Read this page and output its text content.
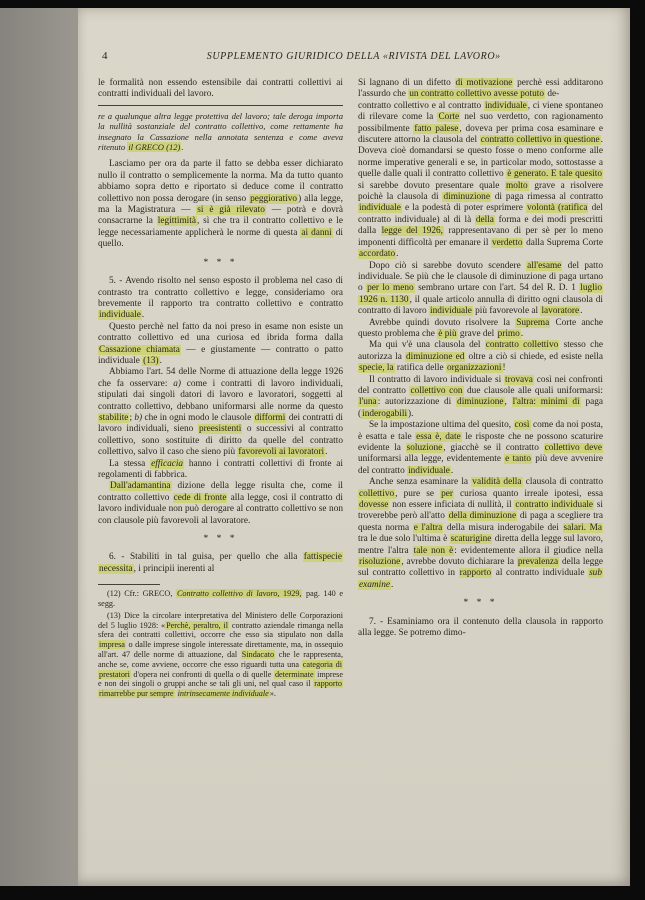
4	SUPPLEMENTO GIURIDICO DELLA «RIVISTA DEL LAVORO»

le formalità non essendo estensibile dai contratti collettivi ai contratti individuali del lavoro.

re a qualunque altra legge protettiva del lavoro; tale deroga importa la nullità sostanziale del contratto collettivo, come rettamente ha insegnato la Cassazione nella annotata sentenza e come aveva ritenuto il GRECO (12).

Lasciamo per ora da parte il fatto se debba esser dichiarato nullo il contratto o semplicemente la norma. Ma da tutto quanto abbiamo sopra detto e riportato si deduce come il contratto collettivo non possa derogare (in senso peggiorativo) alla legge, ma la Magistratura — si è già rilevato — potrà e dovrà consacrarne la legittimità, sì che tra il contratto collettivo e le legge necessariamente applicherà le norme di questa ai danni di quello.

* * *

5. - Avendo risolto nel senso esposto il problema nel caso di contrasto tra contratto collettivo e legge, consideriamo ora brevemente il rapporto tra contratto collettivo e contratto individuale.

Questo perchè nel fatto da noi preso in esame non esiste un contratto collettivo ed una curiosa ed ibrida forma dalla Cassazione chiamata — e giustamente — contratto o patto individuale (13).

Abbiamo l'art. 54 delle Norme di attuazione della legge 1926 che fa osservare: a) come i contratti di lavoro individuali, stipulati dai singoli datori di lavoro e lavoratori, soggetti al contratto collettivo, debbano uniformarsi alle norme da questo stabilite; b) che in ogni modo le clausole difformi dei contratti di lavoro individuali, sieno preesistenti o successivi al contratto collettivo, sono sostituite di diritto da quelle del contratto collettivo, salvo il caso che sieno più favorevoli ai lavoratori.

La stessa efficacia hanno i contratti collettivi di fronte ai regolamenti di fabbrica.

Dall'adamantina dizione della legge risulta che, come il contratto collettivo cede di fronte alla legge, così il contratto di lavoro individuale non può derogare al contratto collettivo se non con clausole più favorevoli al lavoratore.

* * *

6. - Stabiliti in tal guisa, per quello che alla fattispecie necessita, i principii inerenti al

(12) Cfr.: GRECO, Contratto collettivo di lavoro, 1929, pag. 140 e segg.

(13) Dice la circolare interpretativa del Ministero delle Corporazioni del 5 luglio 1928: «Perchè, peraltro, il contratto aziendale rimanga nella sfera dei contratti collettivi, occorre che esso sia stipulato non dalla impresa o dalle imprese singole interessate direttamente, ma, in ossequio all'art. 47 delle norme di attuazione, dal Sindacato che le rappresenta, anche se, come avviene, occorre che esso riguardi tutta una categoria di prestatori d'opera nei confronti di quella o di quelle determinate imprese e non dei singoli o gruppi anche se tali gli uni, nel qual caso il rapporto rimarrebbe pur sempre intrinsecamente individuale».

Si lagnano di un difetto di motivazione perchè essi additarono l'assurdo che un contratto collettivo avesse potuto de-

contratto collettivo e al contratto individuale, ci viene spontaneo di rilevare come la Corte nel suo verdetto, con ragionamento possibilmente fatto palese, doveva per prima cosa esaminare e discutere attorno la clausola del contratto collettivo in questione. Doveva cioè domandarsi se questo fosse o meno conforme alle norme imperative generali e se, in particolar modo, sottostasse a quelle dalle quali il contratto collettivo è generato. E tale quesito si sarebbe dovuto presentare quale molto grave a risolvere poichè la clausola di diminuzione di paga rimessa al contratto individuale e la podestà di poter esprimere volontà (ratifica del contratto individuale) al di là della forma e dei modi prescritti dalla legge del 1926, rappresentavano di per sè per lo meno imponenti difficoltà per emanare il verdetto dalla Suprema Corte accordato.

Dopo ciò si sarebbe dovuto scendere all'esame del patto individuale. Se più che le clausole di diminuzione di paga urtano o per lo meno sembrano urtare con l'art. 54 del R. D. 1 luglio 1926 n. 1130, il quale articolo annulla di diritto ogni clausola di contratto di lavoro individuale più favorevole al lavoratore.

Avrebbe quindi dovuto risolvere la Suprema Corte anche questo problema che è più grave del primo.

Ma qui v'è una clausola del contratto collettivo stesso che autorizza la diminuzione ed oltre a ciò si chiede, ed esiste nella specie, la ratifica delle organizzazioni!

Il contratto di lavoro individuale si trovava così nei confronti del contratto collettivo con due clausole alle quali uniformarsi: l'una: autorizzazione di diminuzione, l'altra: minimi di paga (inderogabili).

Se la impostazione ultima del quesito, così come da noi posta, è esatta e tale essa è, date le risposte che ne possono scaturire evidente la soluzione, giacchè se il contratto collettivo deve uniformarsi alla legge, evidentemente e tanto più deve avvenire del contratto individuale.

Anche senza esaminare la validità della clausola di contratto collettivo, pure se per curiosa quanto irreale ipotesi, essa dovesse non essere inficiata di nullità, il contratto individuale si troverebbe però all'atto della diminuzione di paga a scegliere tra questa norma e l'altra della misura inderogabile dei salari. Ma tra le due solo l'ultima è scaturigine diretta della legge sul lavoro, mentre l'altra tale non è: evidentemente allora il giudice nella risoluzione, avrebbe dovuto dichiarare la prevalenza della legge sul contratto collettivo in rapporto al contratto individuale sub examine.

* * *

7. - Esaminiamo ora il contenuto della clausola in rapporto alla legge. Se potremo dimo-
